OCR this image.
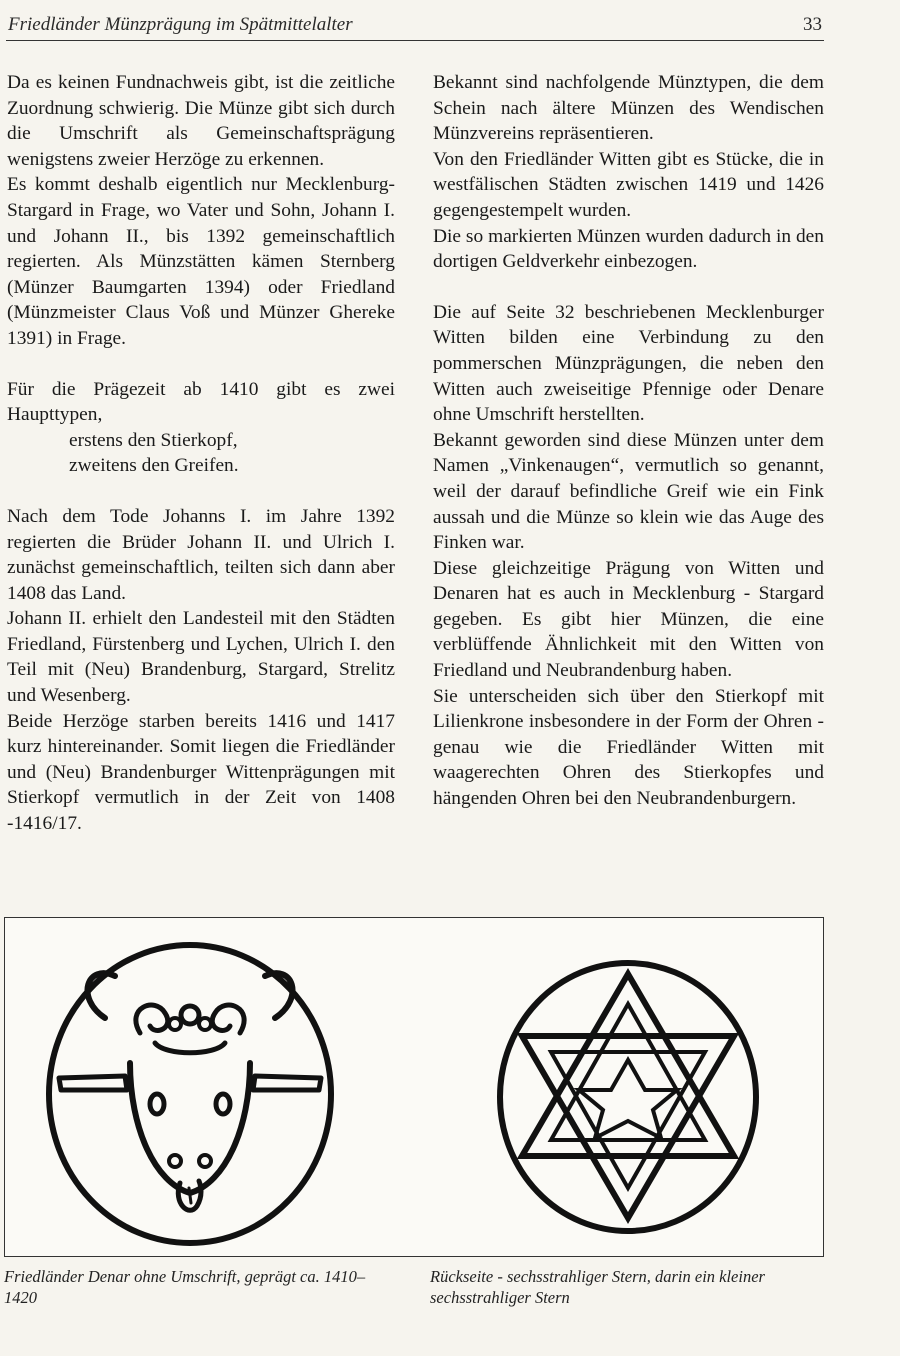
Friedländer Münzprägung im Spätmittelalter	33

Da es keinen Fundnachweis gibt, ist die zeitliche Zuordnung schwierig. Die Münze gibt sich durch die Umschrift als Gemeinschaftsprägung wenigstens zweier Herzöge zu erkennen.

Es kommt deshalb eigentlich nur Mecklenburg-Stargard in Frage, wo Vater und Sohn, Johann I. und Johann II., bis 1392 gemeinschaftlich regierten. Als Münzstätten kämen Sternberg (Münzer Baumgarten 1394) oder Friedland (Münzmeister Claus Voß und Münzer Ghereke 1391) in Frage.

Für die Prägezeit ab 1410 gibt es zwei Haupttypen,

erstens den Stierkopf,

zweitens den Greifen.

Nach dem Tode Johanns I. im Jahre 1392 regierten die Brüder Johann II. und Ulrich I. zunächst gemeinschaftlich, teilten sich dann aber 1408 das Land.

Johann II. erhielt den Landesteil mit den Städten Friedland, Fürstenberg und Lychen, Ulrich I. den Teil mit (Neu) Brandenburg, Stargard, Strelitz und Wesenberg.

Beide Herzöge starben bereits 1416 und 1417 kurz hintereinander. Somit liegen die Friedländer und (Neu) Brandenburger Wittenprägungen mit Stierkopf vermutlich in der Zeit von 1408 -1416/17.

Bekannt sind nachfolgende Münztypen, die dem Schein nach ältere Münzen des Wendischen Münzvereins repräsentieren.

Von den Friedländer Witten gibt es Stücke, die in westfälischen Städten zwischen 1419 und 1426 gegengestempelt wurden.

Die so markierten Münzen wurden dadurch in den dortigen Geldverkehr einbezogen.

Die auf Seite 32 beschriebenen Mecklenburger Witten bilden eine Verbindung zu den pommerschen Münzprägungen, die neben den Witten auch zweiseitige Pfennige oder Denare ohne Umschrift herstellten.

Bekannt geworden sind diese Münzen unter dem Namen „Vinkenaugen“, vermutlich so genannt, weil der darauf befindliche Greif wie ein Fink aussah und die Münze so klein wie das Auge des Finken war.

Diese gleichzeitige Prägung von Witten und Denaren hat es auch in Mecklenburg - Stargard gegeben. Es gibt hier Münzen, die eine verblüffende Ähnlichkeit mit den Witten von Friedland und Neubrandenburg haben.

Sie unterscheiden sich über den Stierkopf mit Lilienkrone insbesondere in der Form der Ohren - genau wie die Friedländer Witten mit waagerechten Ohren des Stierkopfes und hängenden Ohren bei den Neubrandenburgern.

Friedländer Denar ohne Umschrift, geprägt ca. 1410–1420
Rückseite - sechsstrahliger Stern, darin ein kleiner sechsstrahliger Stern
